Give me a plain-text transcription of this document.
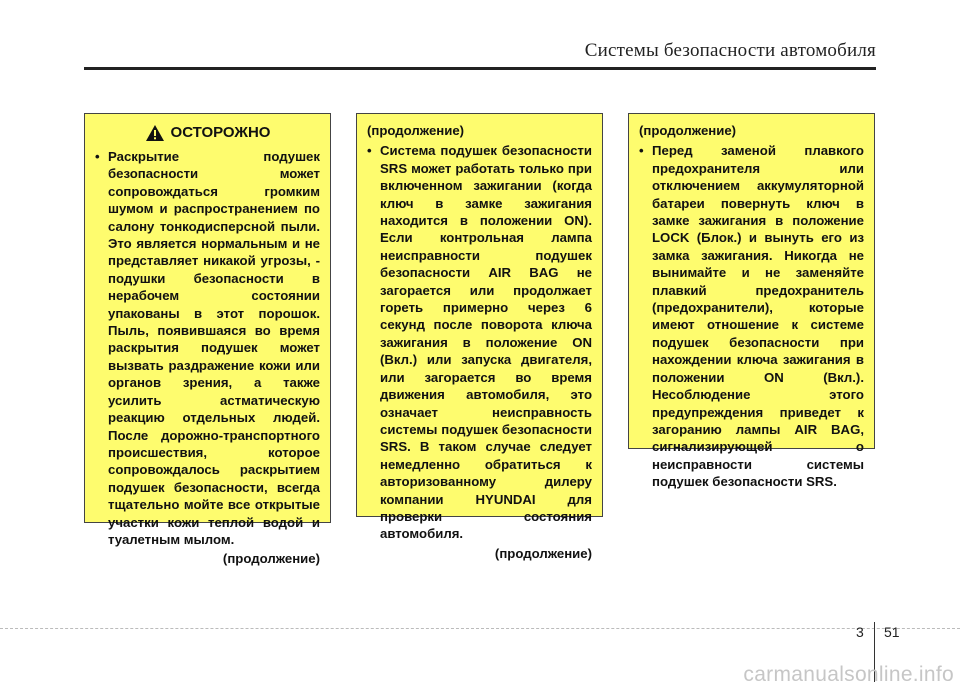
Системы безопасности автомобиля
ОСТОРОЖНО
• Раскрытие подушек безопасности может сопровождаться громким шумом и распространением по салону тонкодисперсной пыли. Это является нормальным и не представляет никакой угрозы, - подушки безопасности в нерабочем состоянии упакованы в этот порошок. Пыль, появившаяся во время раскрытия подушек может вызвать раздражение кожи или органов зрения, а также усилить астматическую реакцию отдельных людей. После дорожно-транспортного происшествия, которое сопровождалось раскрытием подушек безопасности, всегда тщательно мойте все открытые участки кожи теплой водой и туалетным мылом.
(продолжение)
(продолжение)
• Система подушек безопасности SRS может работать только при включенном зажигании (когда ключ в замке зажигания находится в положении ON). Если контрольная лампа неисправности подушек безопасности AIR BAG не загорается или продолжает гореть примерно через 6 секунд после поворота ключа зажигания в положение ON (Вкл.) или запуска двигателя, или загорается во время движения автомобиля, это означает неисправность системы подушек безопасности SRS. В таком случае следует немедленно обратиться к авторизованному дилеру компании HYUNDAI для проверки состояния автомобиля.
(продолжение)
(продолжение)
• Перед заменой плавкого предохранителя или отключением аккумуляторной батареи повернуть ключ в замке зажигания в положение LOCK (Блок.) и вынуть его из замка зажигания. Никогда не вынимайте и не заменяйте плавкий предохранитель (предохранители), которые имеют отношение к системе подушек безопасности при нахождении ключа зажигания в положении ON (Вкл.). Несоблюдение этого предупреждения приведет к загоранию лампы AIR BAG, сигнализирующей о неисправности системы подушек безопасности SRS.
3 51
carmanualsonline.info
